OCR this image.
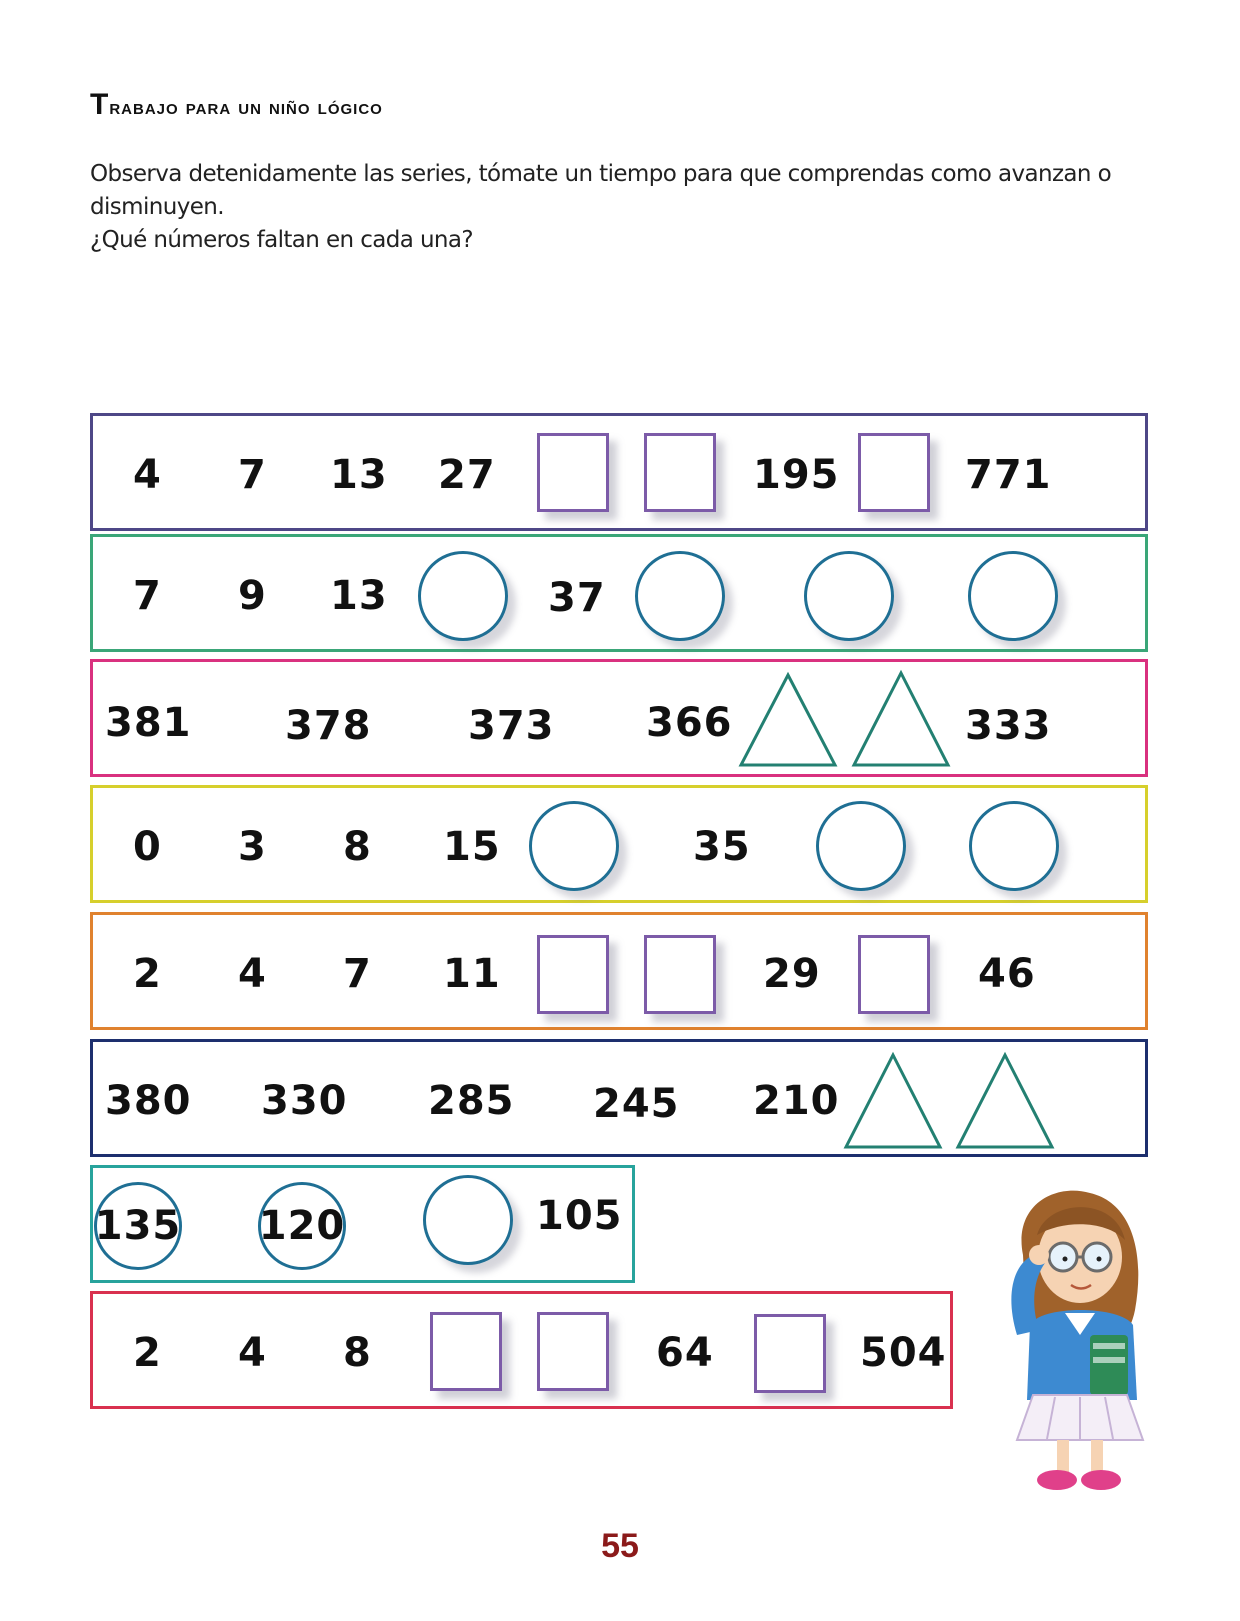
Trabajo para un niño lógico
Observa detenidamente las series, tómate un tiempo para que comprendas como avanzan o
disminuyen.
¿Qué números faltan en cada una?
4 7 13 27	195	771
7 9 13	37
381 378 373 366	333
0 3 8 15	35
2 4 7 11	29	46
380 330 285 245 210
135 120	105
2 4 8	64	504
55
